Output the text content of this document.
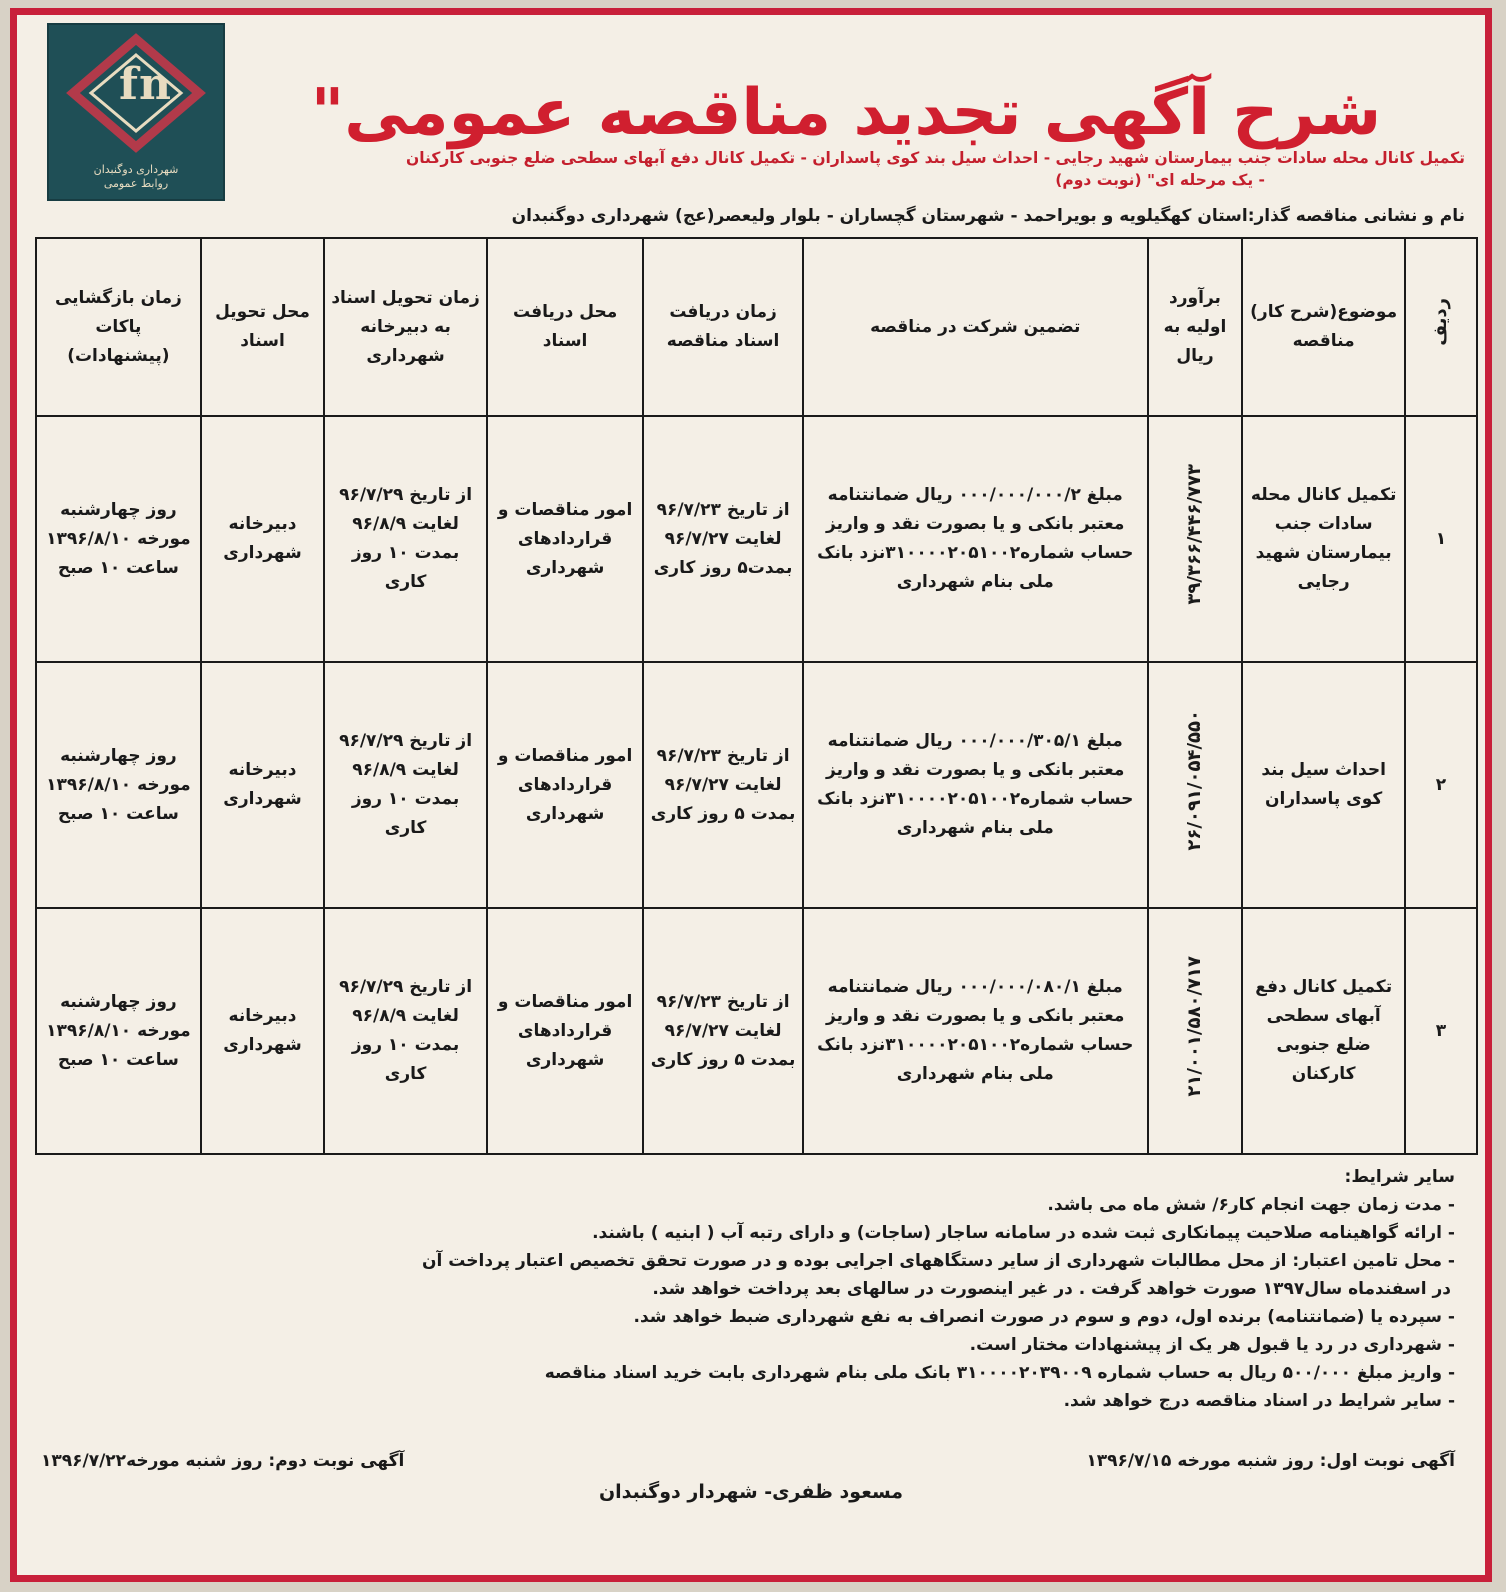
f n
شهرداری دوگنبدان
روابط عمومی
"شرح آگهی تجدید مناقصه عمومی
تکمیل کانال محله سادات جنب بیمارستان شهید رجایی - احداث سیل بند کوی پاسداران - تکمیل کانال دفع آبهای سطحی ضلع جنوبی کارکنان
- یک مرحله ای" (نوبت دوم)
نام و نشانی مناقصه گذار:استان کهگیلویه و بویراحمد - شهرستان گچساران - بلوار ولیعصر(عج) شهرداری دوگنبدان
ردیف	موضوع(شرح کار) مناقصه	برآورد اولیه به ریال	تضمین شرکت در مناقصه	زمان دریافت اسناد مناقصه	محل دریافت اسناد	زمان تحویل اسناد به دبیرخانه شهرداری	محل تحویل اسناد	زمان بازگشایی پاکات (پیشنهادات)
۱	تکمیل کانال محله سادات جنب بیمارستان شهید رجایی	۳۹/۳۶۶/۴۴۶/۷۷۳	مبلغ ۰۰۰/۰۰۰/۰۰۰/۲ ریال ضمانتنامه معتبر بانکی و یا بصورت نقد و واریز حساب شماره۳۱۰۰۰۰۲۰۵۱۰۰۲نزد بانک ملی بنام شهرداری	از تاریخ ۹۶/۷/۲۳ لغایت ۹۶/۷/۲۷ بمدت۵ روز کاری	امور مناقصات و قراردادهای شهرداری	از تاریخ ۹۶/۷/۲۹ لغایت ۹۶/۸/۹ بمدت ۱۰ روز کاری	دبیرخانه شهرداری	روز چهارشنبه مورخه ۱۳۹۶/۸/۱۰ ساعت ۱۰ صبح
۲	احداث سیل بند کوی پاسداران	۲۶/۰۹۱/۰۵۴/۵۵۰	مبلغ ۰۰۰/۰۰۰/۳۰۵/۱ ریال ضمانتنامه معتبر بانکی و یا بصورت نقد و واریز حساب شماره۳۱۰۰۰۰۲۰۵۱۰۰۲نزد بانک ملی بنام شهرداری	از تاریخ ۹۶/۷/۲۳ لغایت ۹۶/۷/۲۷ بمدت ۵ روز کاری	امور مناقصات و قراردادهای شهرداری	از تاریخ ۹۶/۷/۲۹ لغایت ۹۶/۸/۹ بمدت ۱۰ روز کاری	دبیرخانه شهرداری	روز چهارشنبه مورخه ۱۳۹۶/۸/۱۰ ساعت ۱۰ صبح
۳	تکمیل کانال دفع آبهای سطحی ضلع جنوبی کارکنان	۲۱/۰۰۱/۵۸۰/۷۱۷	مبلغ ۰۰۰/۰۰۰/۰۸۰/۱ ریال ضمانتنامه معتبر بانکی و یا بصورت نقد و واریز حساب شماره۳۱۰۰۰۰۲۰۵۱۰۰۲نزد بانک ملی بنام شهرداری	از تاریخ ۹۶/۷/۲۳ لغایت ۹۶/۷/۲۷ بمدت ۵ روز کاری	امور مناقصات و قراردادهای شهرداری	از تاریخ ۹۶/۷/۲۹ لغایت ۹۶/۸/۹ بمدت ۱۰ روز کاری	دبیرخانه شهرداری	روز چهارشنبه مورخه ۱۳۹۶/۸/۱۰ ساعت ۱۰ صبح
سایر شرایط:
- مدت زمان جهت انجام کار۶/ شش ماه می باشد.
- ارائه گواهینامه صلاحیت پیمانکاری ثبت شده در سامانه ساجار (ساجات) و دارای رتبه آب ( ابنیه ) باشند.
- محل تامین اعتبار: از محل مطالبات شهرداری از سایر دستگاههای اجرایی بوده و در صورت تحقق تخصیص اعتبار پرداخت آن
در اسفندماه سال۱۳۹۷ صورت خواهد گرفت . در غیر اینصورت در سالهای بعد پرداخت خواهد شد.
- سپرده یا (ضمانتنامه) برنده اول، دوم و سوم در صورت انصراف به نفع شهرداری ضبط خواهد شد.
- شهرداری در رد یا قبول هر یک از پیشنهادات مختار است.
- واریز مبلغ ۵۰۰/۰۰۰ ریال به حساب شماره ۳۱۰۰۰۰۲۰۳۹۰۰۹ بانک ملی بنام شهرداری بابت خرید اسناد مناقصه
- سایر شرایط در اسناد مناقصه درج خواهد شد.
آگهی نوبت اول: روز شنبه مورخه ۱۳۹۶/۷/۱۵
آگهی نوبت دوم: روز شنبه مورخه۱۳۹۶/۷/۲۲
مسعود ظفری- شهردار دوگنبدان
